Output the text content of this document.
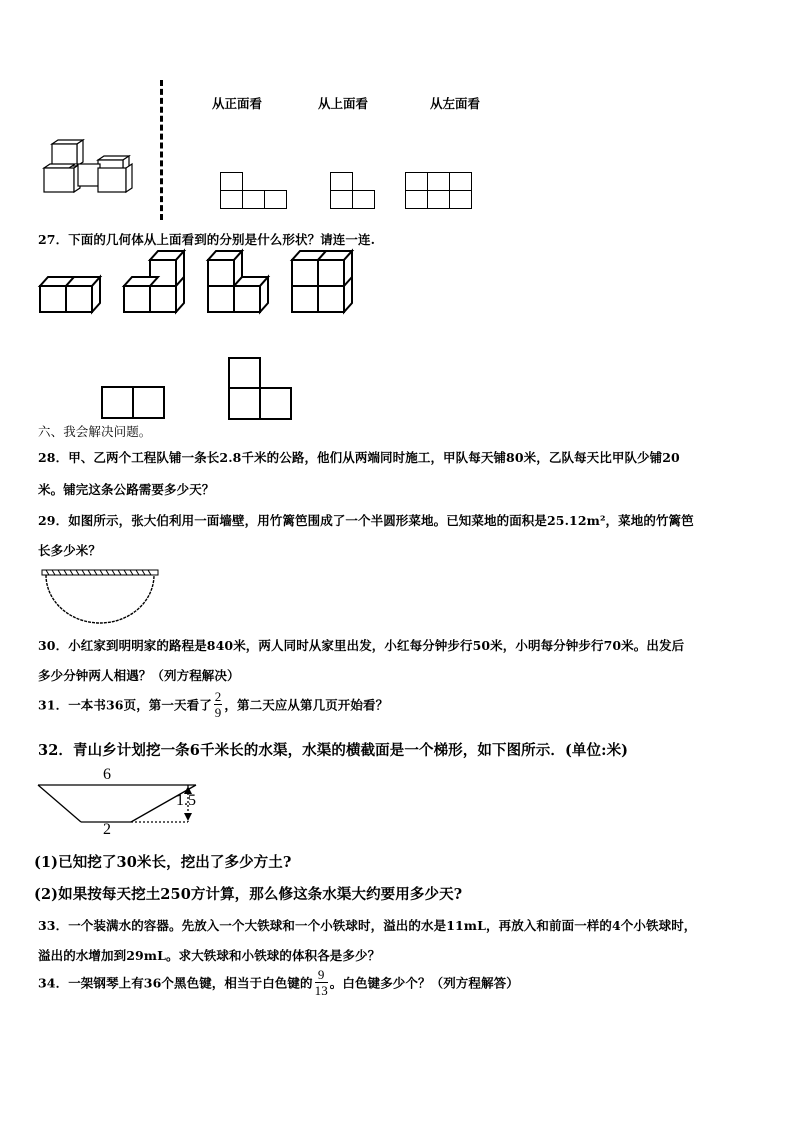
从正面看	从上面看	从左面看
27．下面的几何体从上面看到的分别是什么形状？请连一连.
六、我会解决问题。
28．甲、乙两个工程队铺一条长2.8千米的公路，他们从两端同时施工，甲队每天铺80米，乙队每天比甲队少铺20
米。铺完这条公路需要多少天？
29．如图所示，张大伯利用一面墙壁，用竹篱笆围成了一个半圆形菜地。已知菜地的面积是25.12m²，菜地的竹篱笆
长多少米？
30．小红家到明明家的路程是840米，两人同时从家里出发，小红每分钟步行50米，小明每分钟步行70米。出发后
多少分钟两人相遇？（列方程解决）
31．一本书36页，第一天看了 $\frac{2}{9}$ ，第二天应从第几页开始看？
32．青山乡计划挖一条6千米长的水渠，水渠的横截面是一个梯形，如下图所示．(单位:米)
6
2
1.5
(1)已知挖了30米长，挖出了多少方土?
(2)如果按每天挖土250方计算，那么修这条水渠大约要用多少天?
33．一个装满水的容器。先放入一个大铁球和一个小铁球时，溢出的水是11mL，再放入和前面一样的4个小铁球时，
溢出的水增加到29mL。求大铁球和小铁球的体积各是多少？
34．一架钢琴上有36个黑色键，相当于白色键的 $\frac{9}{13}$ 。白色键多少个？（列方程解答）
